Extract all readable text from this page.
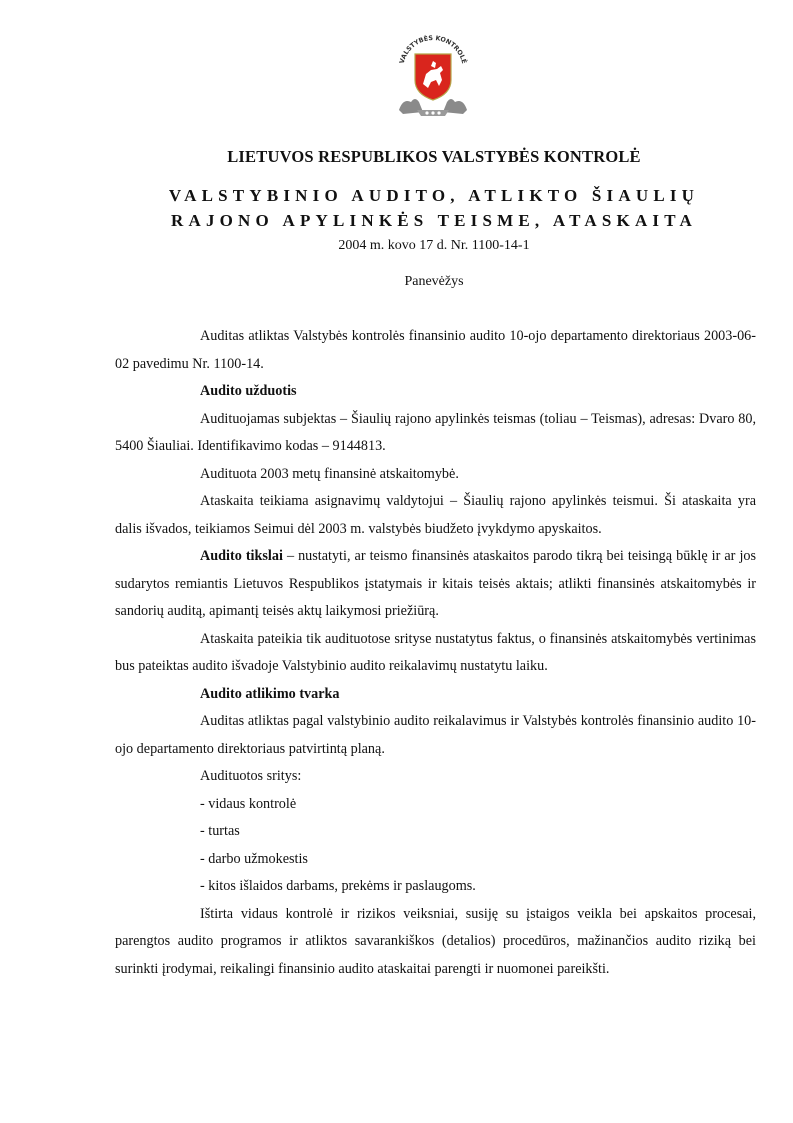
VALSTYBĖS KONTROLĖ
LIETUVOS RESPUBLIKOS VALSTYBĖS KONTROLĖ
VALSTYBINIO AUDITO, ATLIKTO ŠIAULIŲ
RAJONO APYLINKĖS TEISME, ATASKAITA
2004 m. kovo 17 d. Nr. 1100-14-1
Panevėžys

Auditas atliktas Valstybės kontrolės finansinio audito 10-ojo departamento direktoriaus 2003-06-02 pavedimu Nr. 1100-14.

Audito užduotis

Audituojamas subjektas – Šiaulių rajono apylinkės teismas (toliau – Teismas), adresas: Dvaro 80, 5400 Šiauliai. Identifikavimo kodas – 9144813.

Audituota 2003 metų finansinė atskaitomybė.

Ataskaita teikiama asignavimų valdytojui – Šiaulių rajono apylinkės teismui. Ši ataskaita yra dalis išvados, teikiamos Seimui dėl 2003 m. valstybės biudžeto įvykdymo apyskaitos.

Audito tikslai – nustatyti, ar teismo finansinės ataskaitos parodo tikrą bei teisingą būklę ir ar jos sudarytos remiantis Lietuvos Respublikos įstatymais ir kitais teisės aktais; atlikti finansinės atskaitomybės ir sandorių auditą, apimantį teisės aktų laikymosi priežiūrą.

Ataskaita pateikia tik audituotose srityse nustatytus faktus, o finansinės atskaitomybės vertinimas bus pateiktas audito išvadoje Valstybinio audito reikalavimų nustatytu laiku.

Audito atlikimo tvarka

Auditas atliktas pagal valstybinio audito reikalavimus ir Valstybės kontrolės finansinio audito 10-ojo departamento direktoriaus patvirtintą planą.

Audituotos sritys:

- vidaus kontrolė

- turtas

- darbo užmokestis

- kitos išlaidos darbams, prekėms ir paslaugoms.

Ištirta vidaus kontrolė ir rizikos veiksniai, susiję su įstaigos veikla bei apskaitos procesai, parengtos audito programos ir atliktos savarankiškos (detalios) procedūros, mažinančios audito riziką bei surinkti įrodymai, reikalingi finansinio audito ataskaitai parengti ir nuomonei pareikšti.
